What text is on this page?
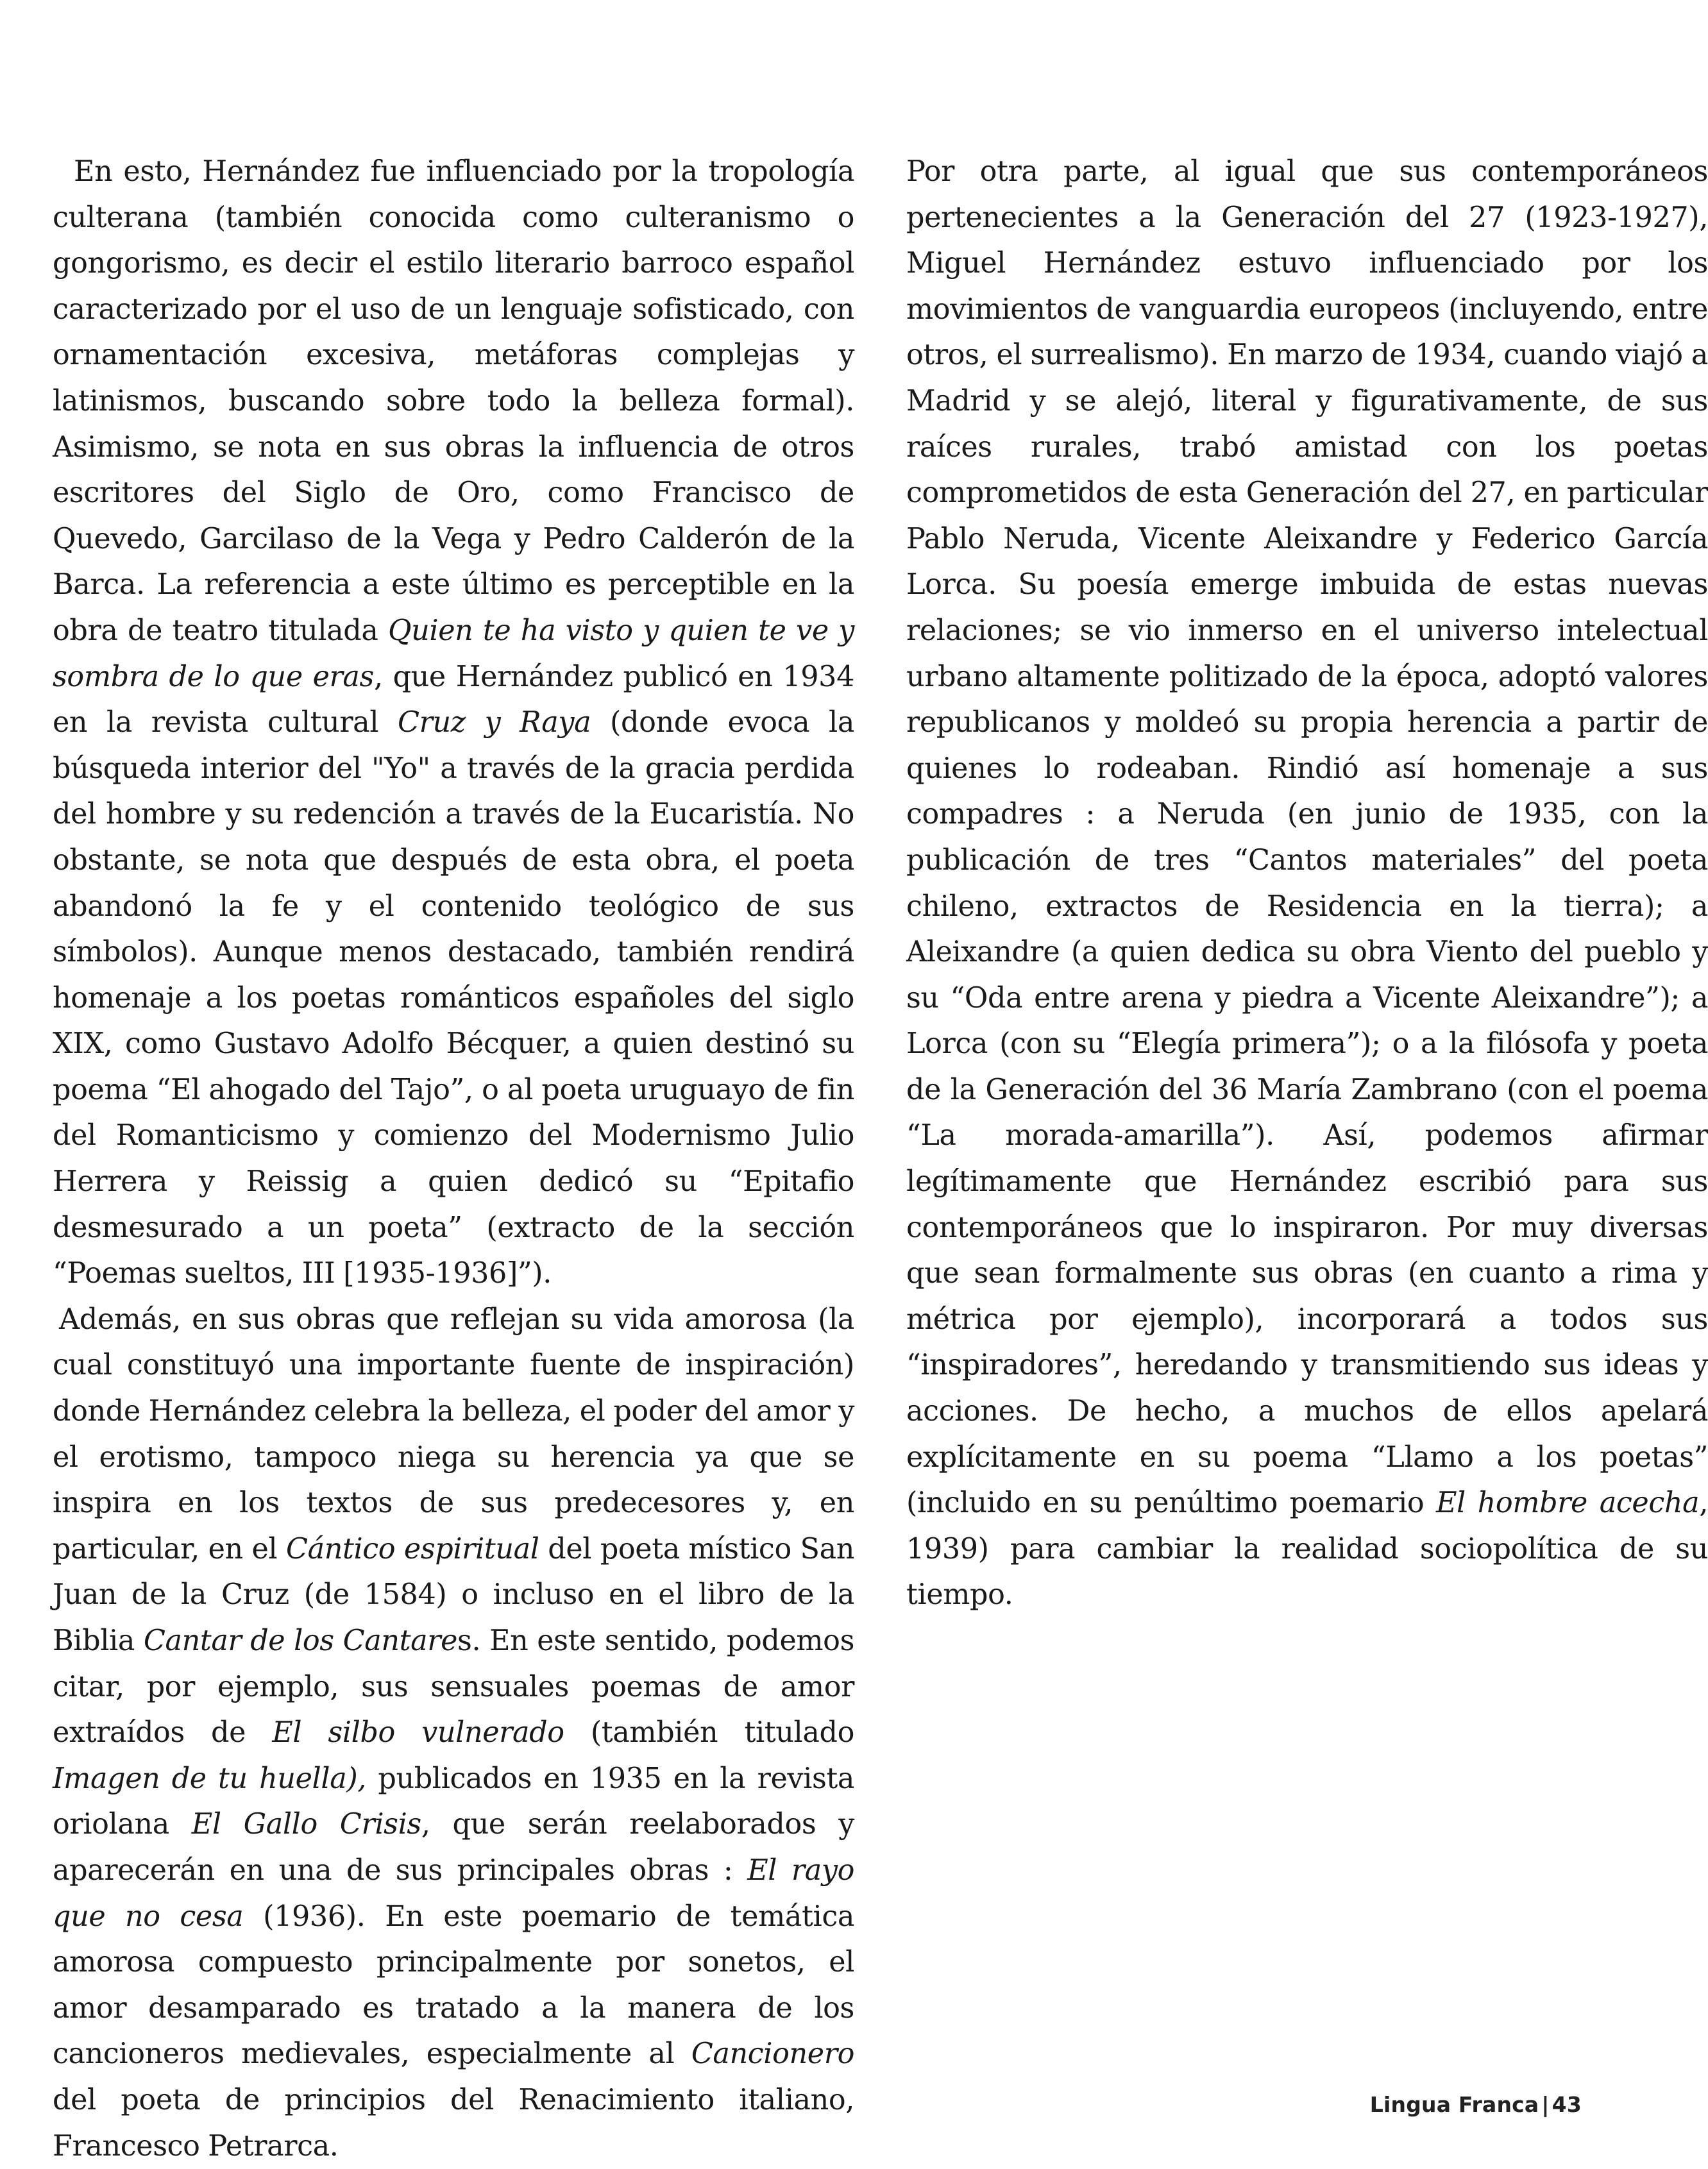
En esto, Hernández fue influenciado por la tropología culterana (también conocida como culteranismo o gongorismo, es decir el estilo literario barroco español caracterizado por el uso de un lenguaje sofisticado, con ornamentación excesiva, metáforas complejas y latinismos, buscando sobre todo la belleza formal). Asimismo, se nota en sus obras la influencia de otros escritores del Siglo de Oro, como Francisco de Quevedo, Garcilaso de la Vega y Pedro Calderón de la Barca. La referencia a este último es perceptible en la obra de teatro titulada Quien te ha visto y quien te ve y sombra de lo que eras, que Hernández publicó en 1934 en la revista cultural Cruz y Raya (donde evoca la búsqueda interior del "Yo" a través de la gracia perdida del hombre y su redención a través de la Eucaristía. No obstante, se nota que después de esta obra, el poeta abandonó la fe y el contenido teológico de sus símbolos). Aunque menos destacado, también rendirá homenaje a los poetas románticos españoles del siglo XIX, como Gustavo Adolfo Bécquer, a quien destinó su poema “El ahogado del Tajo”, o al poeta uruguayo de fin del Romanticismo y comienzo del Modernismo Julio Herrera y Reissig a quien dedicó su “Epitafio desmesurado a un poeta” (extracto de la sección “Poemas sueltos, III [1935-1936]”).

Además, en sus obras que reflejan su vida amorosa (la cual constituyó una importante fuente de inspiración) donde Hernández celebra la belleza, el poder del amor y el erotismo, tampoco niega su herencia ya que se inspira en los textos de sus predecesores y, en particular, en el Cántico espiritual del poeta místico San Juan de la Cruz (de 1584) o incluso en el libro de la Biblia Cantar de los Cantares. En este sentido, podemos citar, por ejemplo, sus sensuales poemas de amor extraídos de El silbo vulnerado (también titulado Imagen de tu huella), publicados en 1935 en la revista oriolana El Gallo Crisis, que serán reelaborados y aparecerán en una de sus principales obras : El rayo que no cesa (1936). En este poemario de temática amorosa compuesto principalmente por sonetos, el amor desamparado es tratado a la manera de los cancioneros medievales, especialmente al Cancionero del poeta de principios del Renacimiento italiano, Francesco Petrarca.

Por otra parte, al igual que sus contemporáneos pertenecientes a la Generación del 27 (1923-1927), Miguel Hernández estuvo influenciado por los movimientos de vanguardia europeos (incluyendo, entre otros, el surrealismo). En marzo de 1934, cuando viajó a Madrid y se alejó, literal y figurativamente, de sus raíces rurales, trabó amistad con los poetas comprometidos de esta Generación del 27, en particular Pablo Neruda, Vicente Aleixandre y Federico García Lorca. Su poesía emerge imbuida de estas nuevas relaciones; se vio inmerso en el universo intelectual urbano altamente politizado de la época, adoptó valores republicanos y moldeó su propia herencia a partir de quienes lo rodeaban. Rindió así homenaje a sus compadres : a Neruda (en junio de 1935, con la publicación de tres “Cantos materiales” del poeta chileno, extractos de Residencia en la tierra); a Aleixandre (a quien dedica su obra Viento del pueblo y su “Oda entre arena y piedra a Vicente Aleixandre”); a Lorca (con su “Elegía primera”); o a la filósofa y poeta de la Generación del 36 María Zambrano (con el poema “La morada-amarilla”). Así, podemos afirmar legítimamente que Hernández escribió para sus contemporáneos que lo inspiraron. Por muy diversas que sean formalmente sus obras (en cuanto a rima y métrica por ejemplo), incorporará a todos sus “inspiradores”, heredando y transmitiendo sus ideas y acciones. De hecho, a muchos de ellos apelará explícitamente en su poema “Llamo a los poetas” (incluido en su penúltimo poemario El hombre acecha, 1939) para cambiar la realidad sociopolítica de su tiempo.

Lingua Franca | 43
